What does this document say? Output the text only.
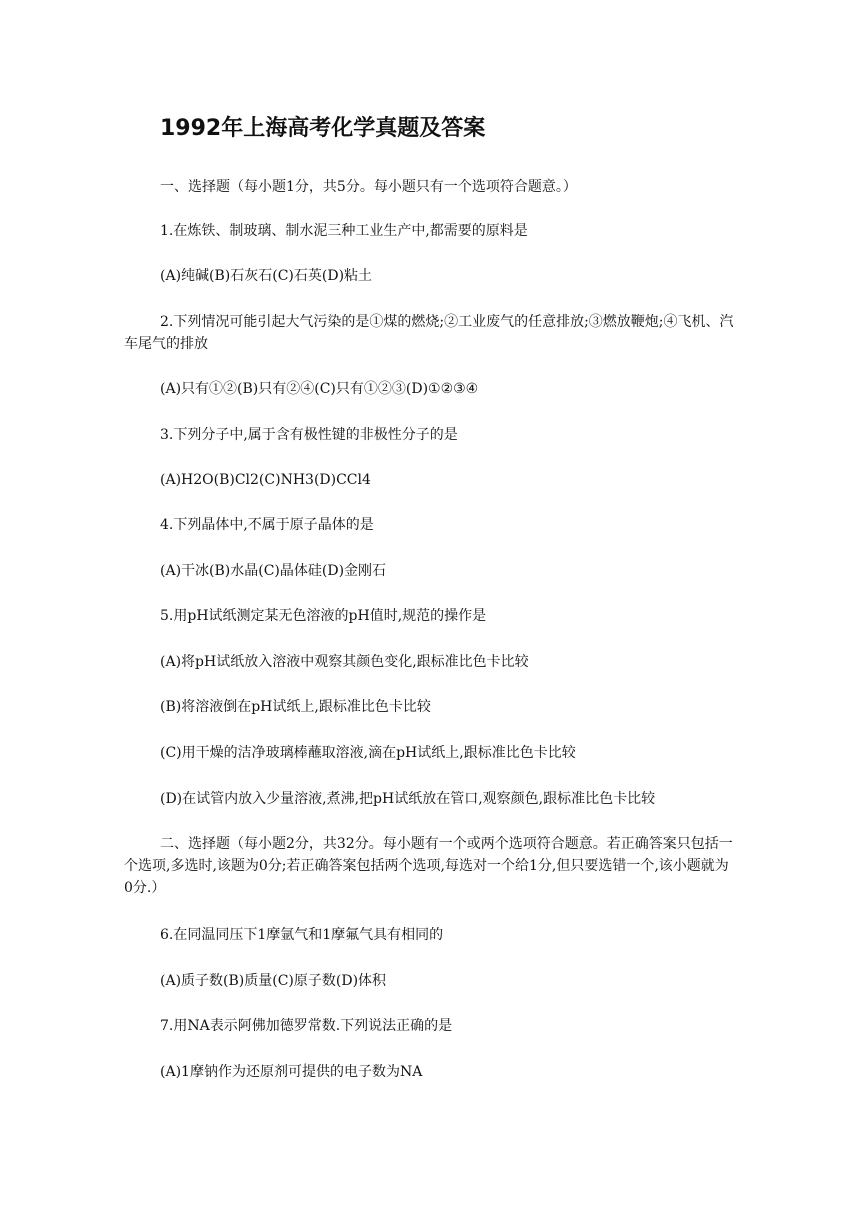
1992年上海高考化学真题及答案

一、选择题（每小题1分，共5分。每小题只有一个选项符合题意。）

1.在炼铁、制玻璃、制水泥三种工业生产中,都需要的原料是

(A)纯碱(B)石灰石(C)石英(D)粘土

2.下列情况可能引起大气污染的是①煤的燃烧;②工业废气的任意排放;③燃放鞭炮;④飞机、汽车尾气的排放

(A)只有①②(B)只有②④(C)只有①②③(D)①②③④

3.下列分子中,属于含有极性键的非极性分子的是

(A)H2O(B)Cl2(C)NH3(D)CCl4

4.下列晶体中,不属于原子晶体的是

(A)干冰(B)水晶(C)晶体硅(D)金刚石

5.用pH试纸测定某无色溶液的pH值时,规范的操作是

(A)将pH试纸放入溶液中观察其颜色变化,跟标准比色卡比较

(B)将溶液倒在pH试纸上,跟标准比色卡比较

(C)用干燥的洁净玻璃棒蘸取溶液,滴在pH试纸上,跟标准比色卡比较

(D)在试管内放入少量溶液,煮沸,把pH试纸放在管口,观察颜色,跟标准比色卡比较

二、选择题（每小题2分，共32分。每小题有一个或两个选项符合题意。若正确答案只包括一个选项,多选时,该题为0分;若正确答案包括两个选项,每选对一个给1分,但只要选错一个,该小题就为0分.）

6.在同温同压下1摩氩气和1摩氟气具有相同的

(A)质子数(B)质量(C)原子数(D)体积

7.用NA表示阿佛加德罗常数.下列说法正确的是

(A)1摩钠作为还原剂可提供的电子数为NA
